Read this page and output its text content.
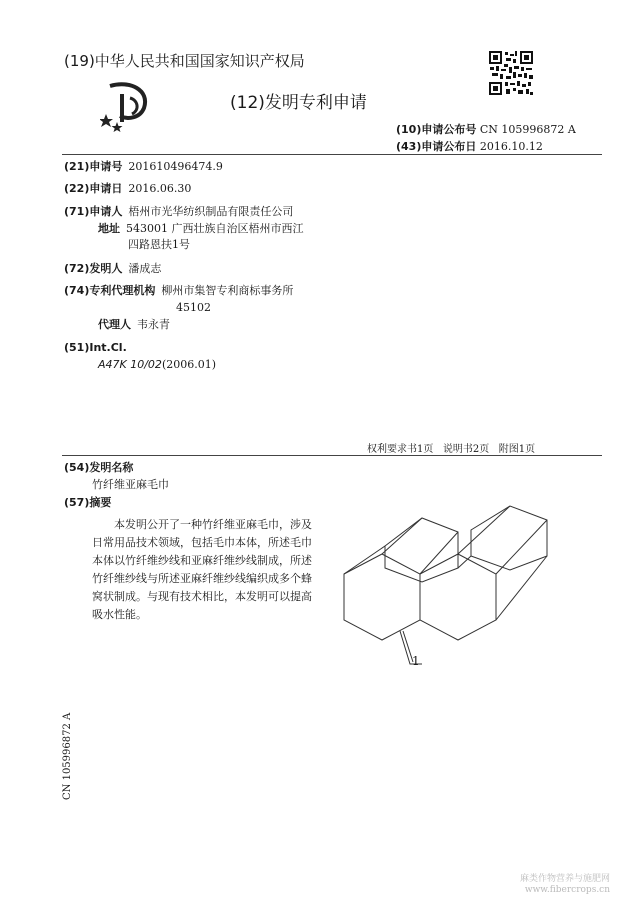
(19)中华人民共和国国家知识产权局
(12)发明专利申请
(10)申请公布号 CN 105996872 A
(43)申请公布日 2016.10.12
(21)申请号 201610496474.9
(22)申请日 2016.06.30
(71)申请人 梧州市光华纺织制品有限责任公司
地址 543001 广西壮族自治区梧州市西江
四路恩扶1号
(72)发明人 潘成志
(74)专利代理机构 柳州市集智专利商标事务所
45102
代理人 韦永青
(51)Int.Cl.
A47K 10/02(2006.01)
权利要求书1页   说明书2页   附图1页
(54)发明名称
竹纤维亚麻毛巾
(57)摘要

本发明公开了一种竹纤维亚麻毛巾，涉及日常用品技术领域，包括毛巾本体，所述毛巾本体以竹纤维纱线和亚麻纤维纱线制成，所述竹纤维纱线与所述亚麻纤维纱线编织成多个蜂窝状制成。与现有技术相比，本发明可以提高吸水性能。

1
CN 105996872 A
麻类作物营养与施肥网
www.fibercrops.cn
